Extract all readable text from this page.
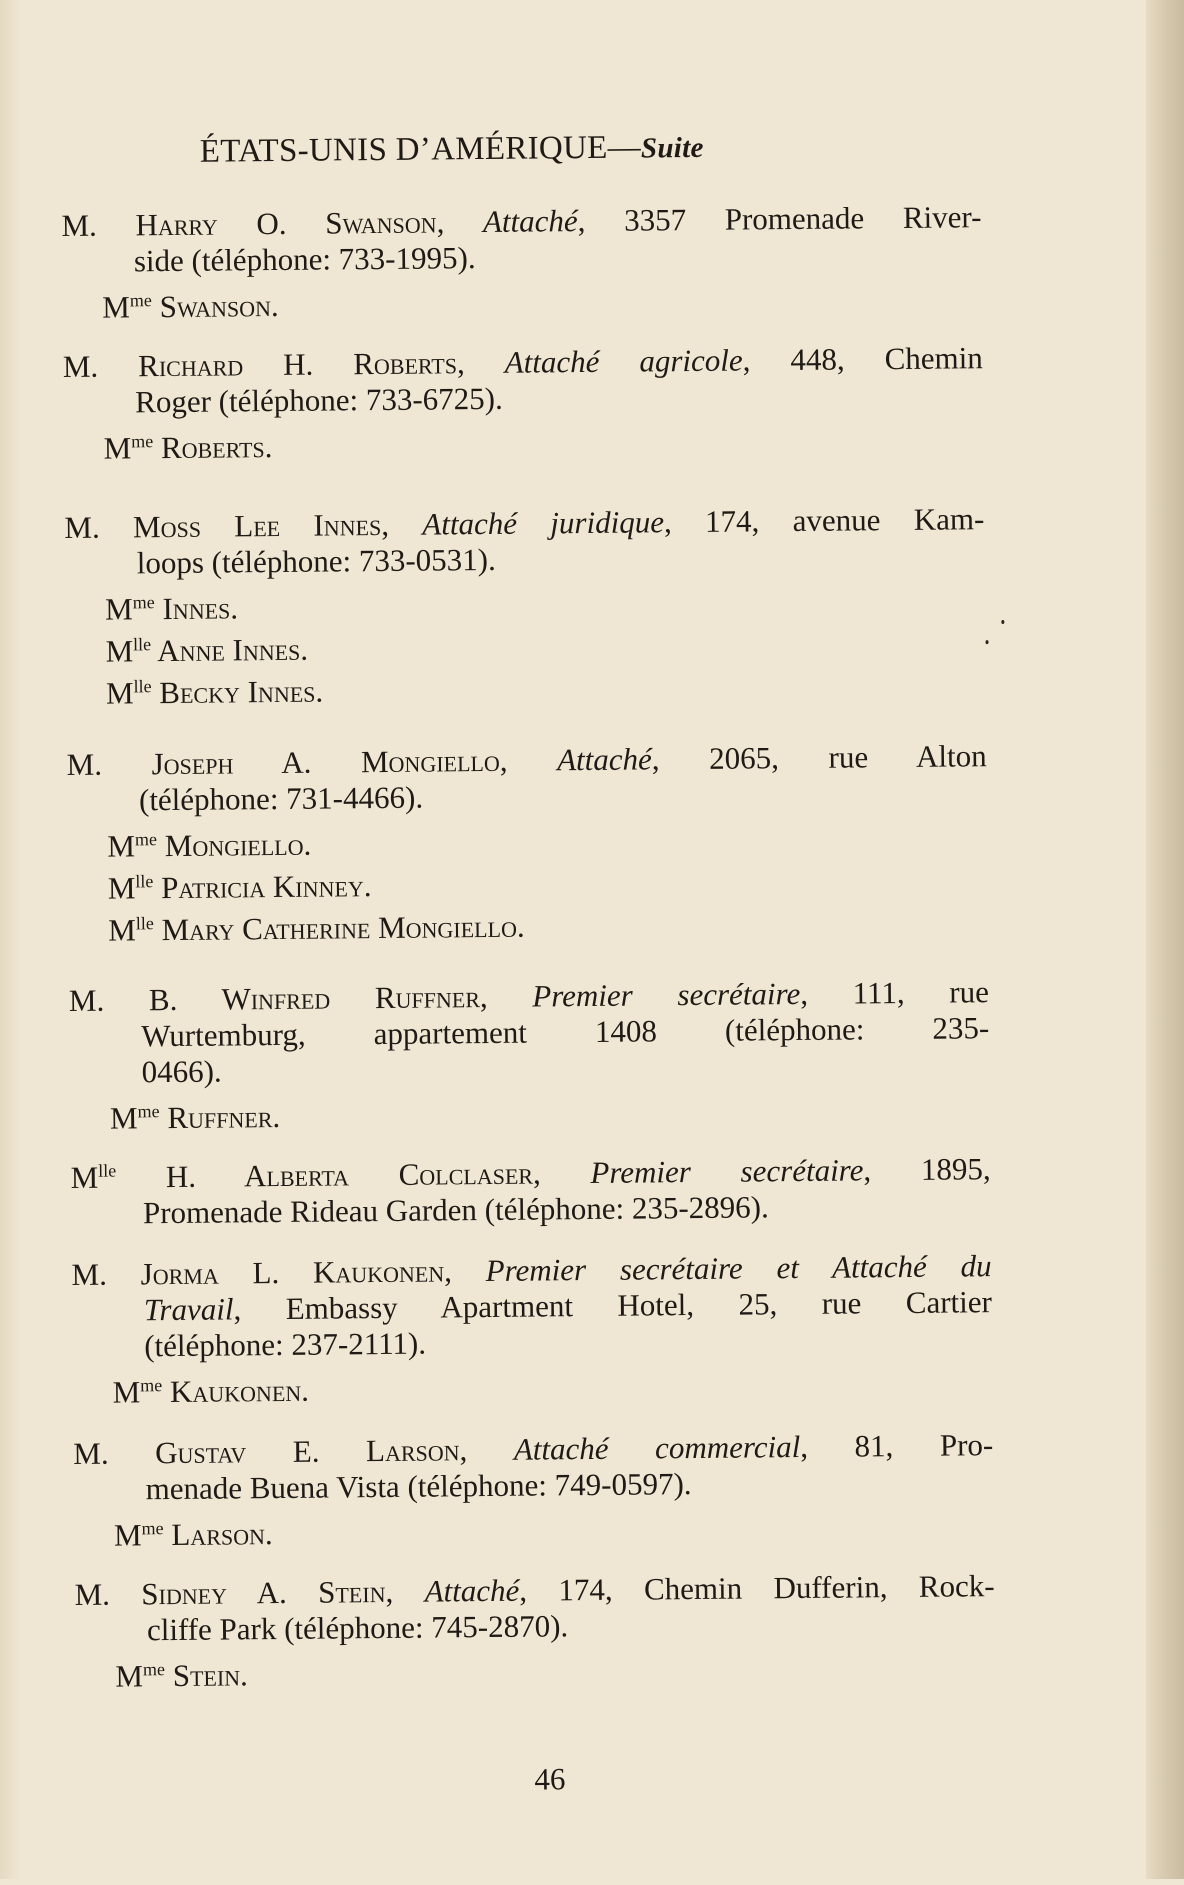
ÉTATS-UNIS D’AMÉRIQUE—Suite
M. Harry O. Swanson, Attaché, 3357 Promenade River-
side (téléphone: 733-1995).
$M^{me}$ Swanson.
M. Richard H. Roberts, Attaché agricole, 448, Chemin
Roger (téléphone: 733-6725).
$M^{me}$ Roberts.
M. Moss Lee Innes, Attaché juridique, 174, avenue Kam-
loops (téléphone: 733-0531).
$M^{me}$ Innes.
$M^{lle}$ Anne Innes.
$M^{lle}$ Becky Innes.
M. Joseph A. Mongiello, Attaché, 2065, rue Alton
(téléphone: 731-4466).
$M^{me}$ Mongiello.
$M^{lle}$ Patricia Kinney.
$M^{lle}$ Mary Catherine Mongiello.
M. B. Winfred Ruffner, Premier secrétaire, 111, rue
Wurtemburg, appartement 1408 (téléphone: 235-
0466).
$M^{me}$ Ruffner.
$M^{lle}$ H. Alberta Colclaser, Premier secrétaire, 1895,
Promenade Rideau Garden (téléphone: 235-2896).
M. Jorma L. Kaukonen, Premier secrétaire et Attaché du
Travail, Embassy Apartment Hotel, 25, rue Cartier
(téléphone: 237-2111).
$M^{me}$ Kaukonen.
M. Gustav E. Larson, Attaché commercial, 81, Pro-
menade Buena Vista (téléphone: 749-0597).
$M^{me}$ Larson.
M. Sidney A. Stein, Attaché, 174, Chemin Dufferin, Rock-
cliffe Park (téléphone: 745-2870).
$M^{me}$ Stein.
46
